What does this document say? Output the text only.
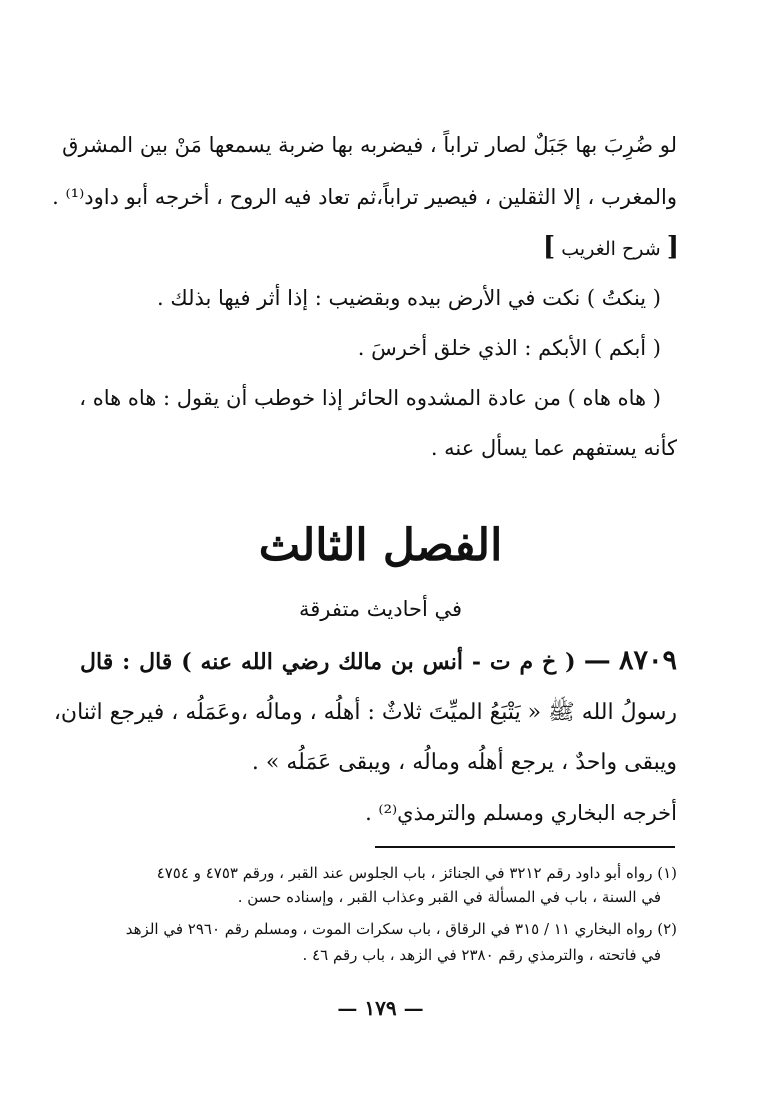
لو ضُرِبَ بها جَبَلٌ لصار تراباً ، فيضربه بها ضربة يسمعها مَنْ بين المشرق
والمغرب ، إلا الثقلين ، فيصير تراباً،ثم تعاد فيه الروح ، أخرجه أبو داود⁽¹⁾ .
[ شرح الغريب ]
( ينكتُ ) نكت في الأرض بيده وبقضيب : إذا أثر فيها بذلك .
( أبكم ) الأبكم : الذي خلق أخرسَ .
( هاه هاه ) من عادة المشدوه الحائر إذا خوطب أن يقول : هاه هاه ،
كأنه يستفهم عما يسأل عنه .
الفصل الثالث
في أحاديث متفرقة
٨٧٠٩ — ( خ م ت - أنس بن مالك رضي الله عنه ) قال : قال
رسولُ الله ﷺ « يَتْبَعُ الميِّتَ ثلاثٌ : أهلُه ، ومالُه ،وعَمَلُه ، فيرجع اثنان،
ويبقى واحدٌ ، يرجع أهلُه ومالُه ، ويبقى عَمَلُه » .
أخرجه البخاري ومسلم والترمذي⁽²⁾ .
(١) رواه أبو داود رقم ٣٢١٢ في الجنائز ، باب الجلوس عند القبر ، ورقم ٤٧٥٣ و ٤٧٥٤
في السنة ، باب في المسألة في القبر وعذاب القبر ، وإسناده حسن .
(٢) رواه البخاري ١١ / ٣١٥ في الرقاق ، باب سكرات الموت ، ومسلم رقم ٢٩٦٠ في الزهد
في فاتحته ، والترمذي رقم ٢٣٨٠ في الزهد ، باب رقم ٤٦ .
— ١٧٩ —
